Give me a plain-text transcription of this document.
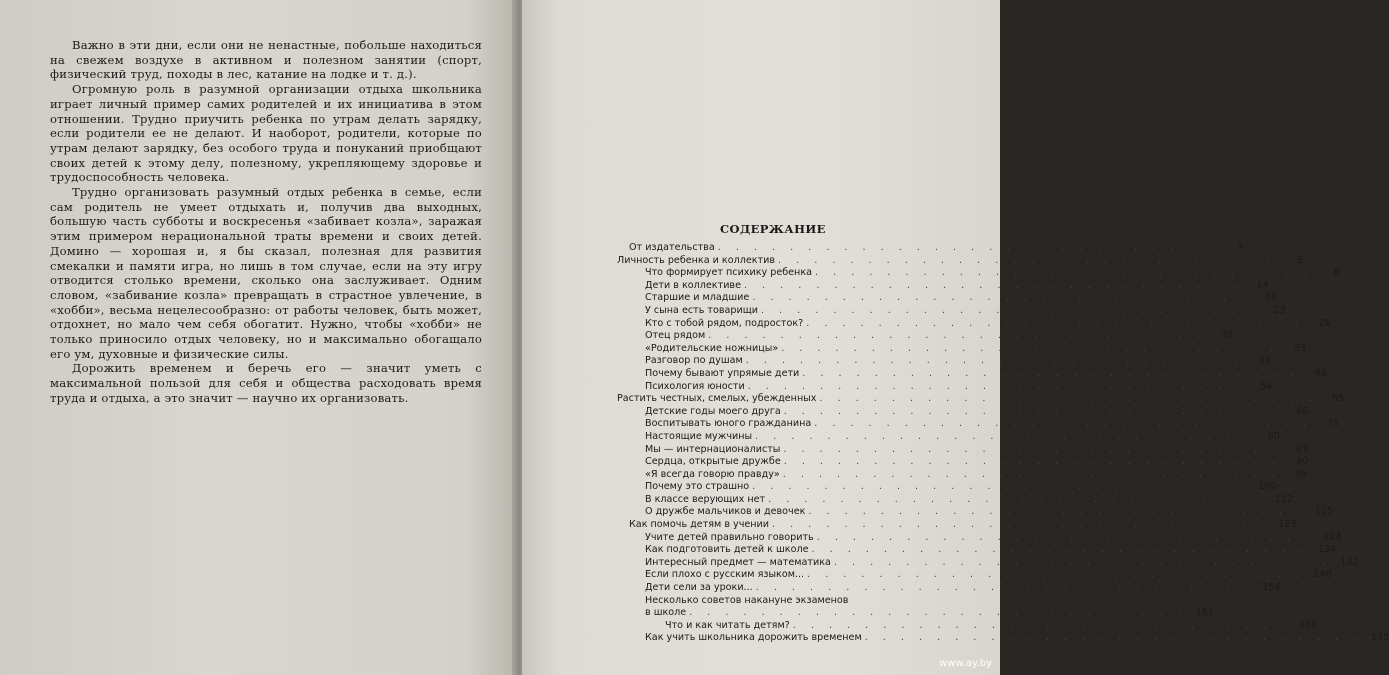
Важно в эти дни, если они не ненастные, побольше находиться на свежем воздухе в активном и полезном занятии (спорт, физический труд, походы в лес, катание на лодке и т. д.).

Огромную роль в разумной организации отдыха школьника играет личный пример самих родителей и их инициатива в этом отношении. Трудно приучить ребенка по утрам делать зарядку, если родители ее не делают. И наоборот, родители, которые по утрам делают зарядку, без особого труда и понуканий приобщают своих детей к этому делу, полезному, укрепляющему здоровье и трудоспособность человека.

Трудно организовать разумный отдых ребенка в семье, если сам родитель не умеет отдыхать и, получив два выходных, большую часть субботы и воскресенья «забивает козла», заражая этим примером нерациональной траты времени и своих детей. Домино — хорошая и, я бы сказал, полезная для развития смекалки и памяти игра, но лишь в том случае, если на эту игру отводится столько времени, сколько она заслуживает. Одним словом, «забивание козла» превращать в страстное увлечение, в «хобби», весьма нецелесообразно: от работы человек, быть может, отдохнет, но мало чем себя обогатит. Нужно, чтобы «хобби» не только приносило отдых человеку, но и максимально обогащало его ум, духовные и физические силы.

Дорожить временем и беречь его — значит уметь с максимальной пользой для себя и общества расходовать время труда и отдыха, а это значит — научно их организовать.

СОДЕРЖАНИЕ
От издательства . . . . . . . . . . . . . . . . . . . . . . . . . . . .	3
Личность ребенка и коллектив . . . . . . . . . . . . . . . . . . . . . . . . . . . .	5
Что формирует психику ребенка . . . . . . . . . . . . . . . . . . . . . . . . . . . .	6
Дети в коллективе . . . . . . . . . . . . . . . . . . . . . . . . . . . .	14
Старшие и младшие . . . . . . . . . . . . . . . . . . . . . . . . . . . .	18
У сына есть товарищи . . . . . . . . . . . . . . . . . . . . . . . . . . . .	23
Кто с тобой рядом, подросток? . . . . . . . . . . . . . . . . . . . . . . . . . . . .	26
Отец рядом . . . . . . . . . . . . . . . . . . . . . . . . . . . .	30
«Родительские ножницы» . . . . . . . . . . . . . . . . . . . . . . . . . . . .	33
Разговор по душам . . . . . . . . . . . . . . . . . . . . . . . . . . . .	39
Почему бывают упрямые дети . . . . . . . . . . . . . . . . . . . . . . . . . . . .	46
Психология юности . . . . . . . . . . . . . . . . . . . . . . . . . . . .	54
Растить честных, смелых, убежденных . . . . . . . . . . . . . . . . . . . . . . . . . . . .	65
Детские годы моего друга . . . . . . . . . . . . . . . . . . . . . . . . . . . .	66
Воспитывать юного гражданина . . . . . . . . . . . . . . . . . . . . . . . . . . . .	75
Настоящие мужчины . . . . . . . . . . . . . . . . . . . . . . . . . . . .	80
Мы — интернационалисты . . . . . . . . . . . . . . . . . . . . . . . . . . . .	83
Сердца, открытые дружбе . . . . . . . . . . . . . . . . . . . . . . . . . . . .	90
«Я всегда говорю правду» . . . . . . . . . . . . . . . . . . . . . . . . . . . .	95
Почему это страшно . . . . . . . . . . . . . . . . . . . . . . . . . . . . 100
В классе верующих нет . . . . . . . . . . . . . . . . . . . . . . . . . . . . 112
О дружбе мальчиков и девочек . . . . . . . . . . . . . . . . . . . . . . . . . . . . 115
Как помочь детям в учении . . . . . . . . . . . . . . . . . . . . . . . . . . . . 123
Учите детей правильно говорить . . . . . . . . . . . . . . . . . . . . . . . . . . . . 124
Как подготовить детей к школе . . . . . . . . . . . . . . . . . . . . . . . . . . . . 134
Интересный предмет — математика . . . . . . . . . . . . . . . . . . . . . . . . . . . . 142
Если плохо с русским языком... . . . . . . . . . . . . . . . . . . . . . . . . . . . . 148
Дети сели за уроки... . . . . . . . . . . . . . . . . . . . . . . . . . . . . 154
Несколько советов накануне экзаменов
в школе . . . . . . . . . . . . . . . . . . . . . . . . . . . . 161
Что и как читать детям? . . . . . . . . . . . . . . . . . . . . . . . . . . . . 166
Как учить школьника дорожить временем . . . . . . . . . . . . . . . . . . . . . . . . . . . . 175
www.ay.by
